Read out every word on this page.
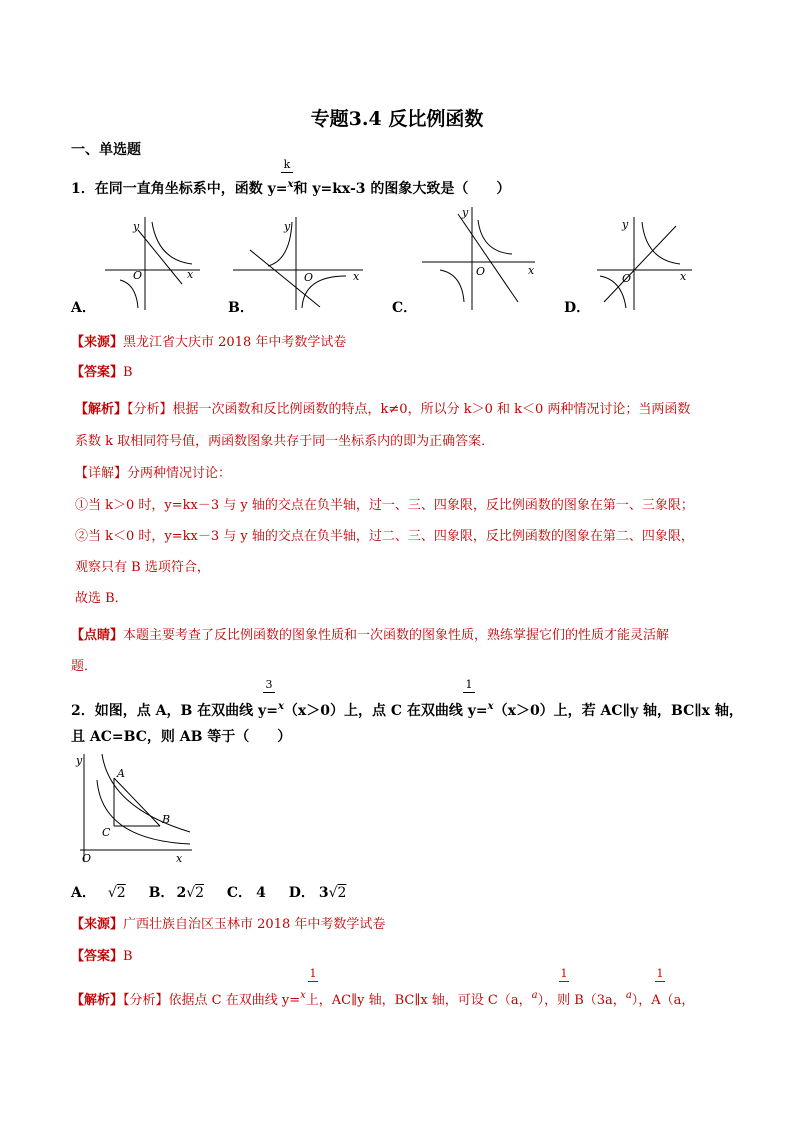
专题3.4 反比例函数
一、单选题
k
1．在同一直角坐标系中，函数 y=$^x$和 y=kx-3 的图象大致是（　　）
y
x
O
y
x
O
y
x
O
y
x
O
A．	B．	C．	D．
【来源】黑龙江省大庆市 2018 年中考数学试卷
【答案】B
【解析】【分析】根据一次函数和反比例函数的特点，k≠0，所以分 k＞0 和 k＜0 两种情况讨论；当两函数
系数 k 取相同符号值，两函数图象共存于同一坐标系内的即为正确答案．
【详解】分两种情况讨论：
①当 k＞0 时，y=kx－3 与 y 轴的交点在负半轴，过一、三、四象限，反比例函数的图象在第一、三象限；
②当 k＜0 时，y=kx－3 与 y 轴的交点在负半轴，过二、三、四象限，反比例函数的图象在第二、四象限，
观察只有 B 选项符合，
故选 B．
【点睛】本题主要考查了反比例函数的图象性质和一次函数的图象性质，熟练掌握它们的性质才能灵活解
题．
3	1
2．如图，点 A，B 在双曲线 y=$^x$（x＞0）上，点 C 在双曲线 y=$^x$（x＞0）上，若 AC∥y 轴，BC∥x 轴，
且 AC=BC，则 AB 等于（　　）
y
x
O
A
B
C
A． √2 B． 2√2 C． 4 D． 3√2
【来源】广西壮族自治区玉林市 2018 年中考数学试卷
【答案】B
1	1	1
【解析】【分析】依据点 C 在双曲线 y=$^x$上，AC∥y 轴，BC∥x 轴，可设 C（a，$^a$），则 B（3a，$^a$），A（a，
